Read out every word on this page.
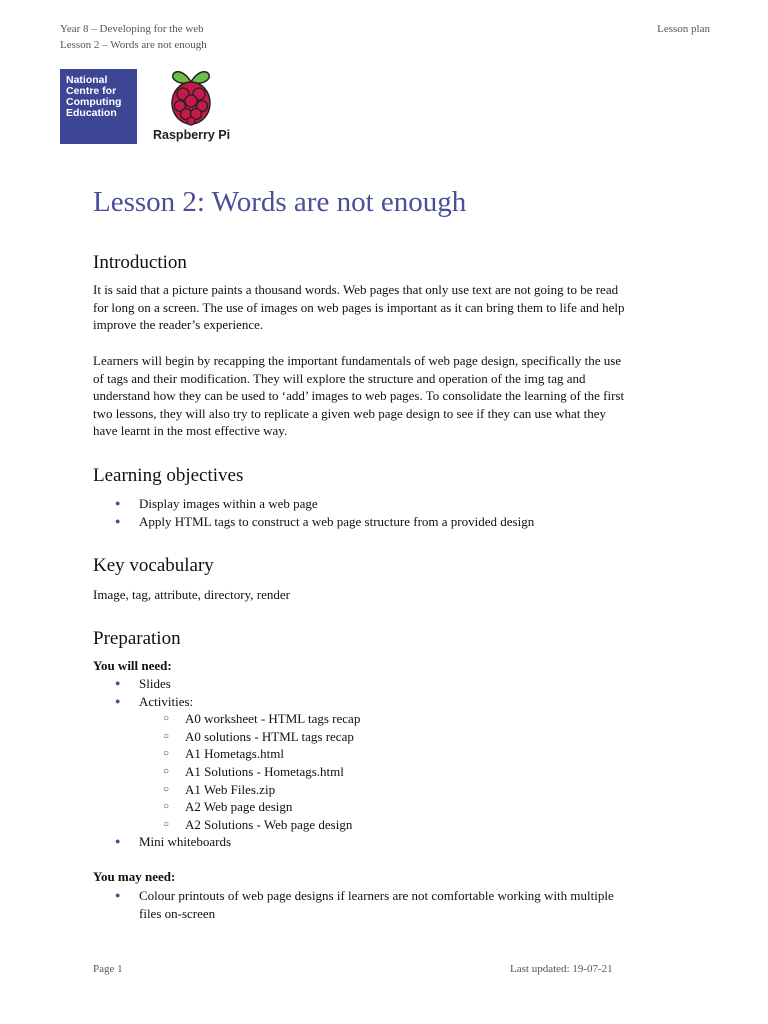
Year 8 – Developing for the web
Lesson 2 – Words are not enough
Lesson plan
National
Centre for
Computing
Education
Raspberry Pi
Lesson 2: Words are not enough
Introduction

It is said that a picture paints a thousand words. Web pages that only use text are not going to be read
for long on a screen. The use of images on web pages is important as it can bring them to life and help
improve the reader’s experience.

Learners will begin by recapping the important fundamentals of web page design, specifically the use
of tags and their modification. They will explore the structure and operation of the img tag and
understand how they can be used to ‘add’ images to web pages. To consolidate the learning of the first
two lessons, they will also try to replicate a given web page design to see if they can use what they
have learnt in the most effective way.

Learning objectives
● Display images within a web page
● Apply HTML tags to construct a web page structure from a provided design
Key vocabulary

Image, tag, attribute, directory, render

Preparation
You will need:
● Slides
● Activities:
○ A0 worksheet - HTML tags recap
○ A0 solutions - HTML tags recap
○ A1 Hometags.html
○ A1 Solutions - Hometags.html
○ A1 Web Files.zip
○ A2 Web page design
○ A2 Solutions - Web page design
● Mini whiteboards
You may need:
● Colour printouts of web page designs if learners are not comfortable working with multiple
files on-screen
Page 1	Last updated: 19-07-21
